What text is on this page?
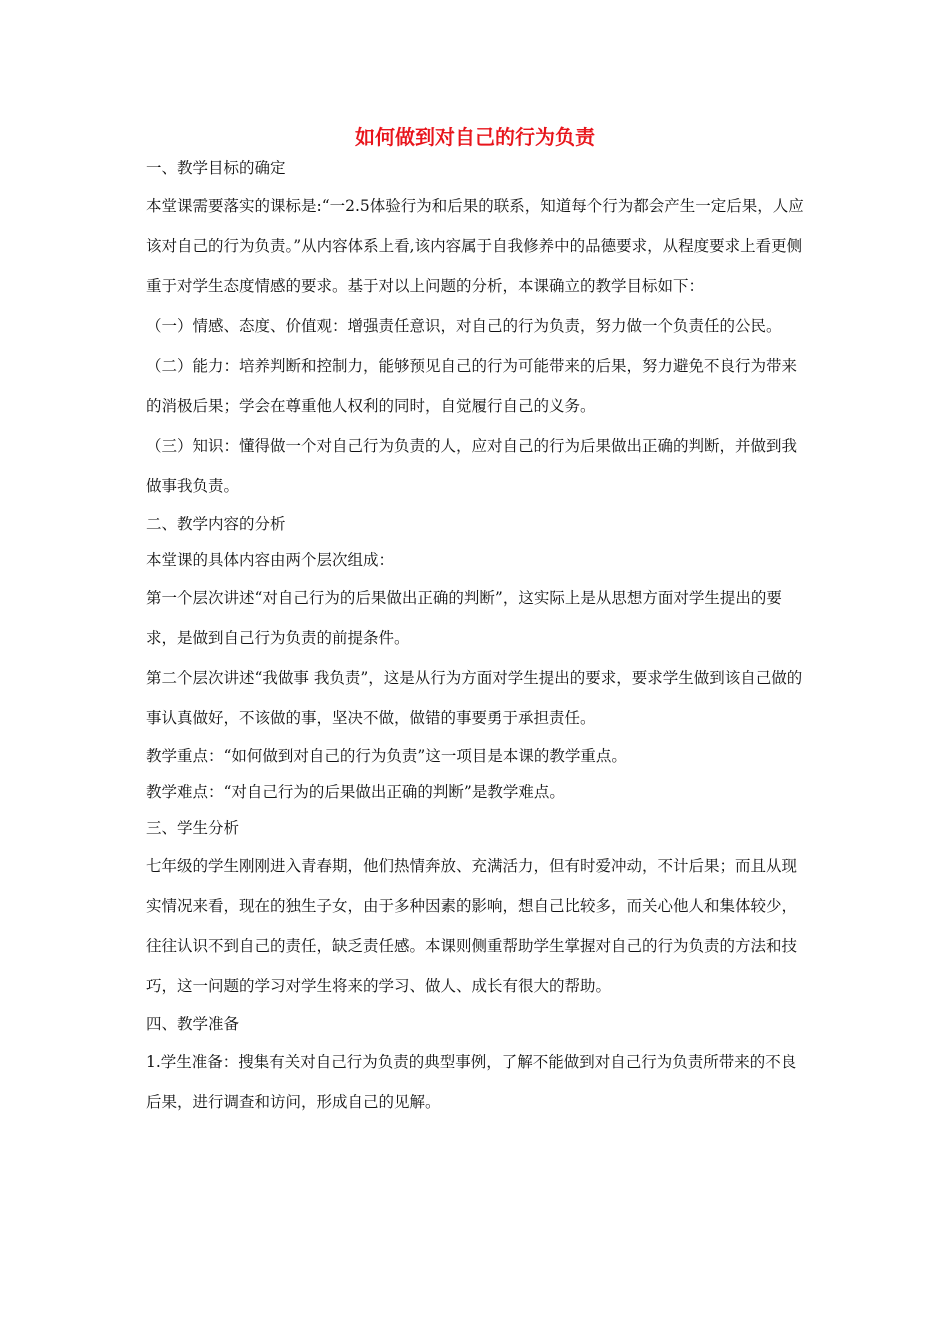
如何做到对自己的行为负责

一、教学目标的确定

本堂课需要落实的课标是:“一2.5体验行为和后果的联系，知道每个行为都会产生一定后果，人应该对自己的行为负责。”从内容体系上看,该内容属于自我修养中的品德要求，从程度要求上看更侧重于对学生态度情感的要求。基于对以上问题的分析，本课确立的教学目标如下：

（一）情感、态度、价值观：增强责任意识，对自己的行为负责，努力做一个负责任的公民。

（二）能力：培养判断和控制力，能够预见自己的行为可能带来的后果，努力避免不良行为带来的消极后果；学会在尊重他人权利的同时，自觉履行自己的义务。

（三）知识：懂得做一个对自己行为负责的人，应对自己的行为后果做出正确的判断，并做到我做事我负责。

二、教学内容的分析

本堂课的具体内容由两个层次组成：

第一个层次讲述“对自己行为的后果做出正确的判断”，这实际上是从思想方面对学生提出的要求，是做到自己行为负责的前提条件。

第二个层次讲述“我做事 我负责”，这是从行为方面对学生提出的要求，要求学生做到该自己做的事认真做好，不该做的事，坚决不做，做错的事要勇于承担责任。

教学重点：“如何做到对自己的行为负责”这一项目是本课的教学重点。

教学难点：“对自己行为的后果做出正确的判断”是教学难点。

三、学生分析

七年级的学生刚刚进入青春期，他们热情奔放、充满活力，但有时爱冲动，不计后果；而且从现实情况来看，现在的独生子女，由于多种因素的影响，想自己比较多，而关心他人和集体较少，往往认识不到自己的责任，缺乏责任感。本课则侧重帮助学生掌握对自己的行为负责的方法和技巧，这一问题的学习对学生将来的学习、做人、成长有很大的帮助。

四、教学准备

1.学生准备：搜集有关对自己行为负责的典型事例，了解不能做到对自己行为负责所带来的不良后果，进行调查和访问，形成自己的见解。
